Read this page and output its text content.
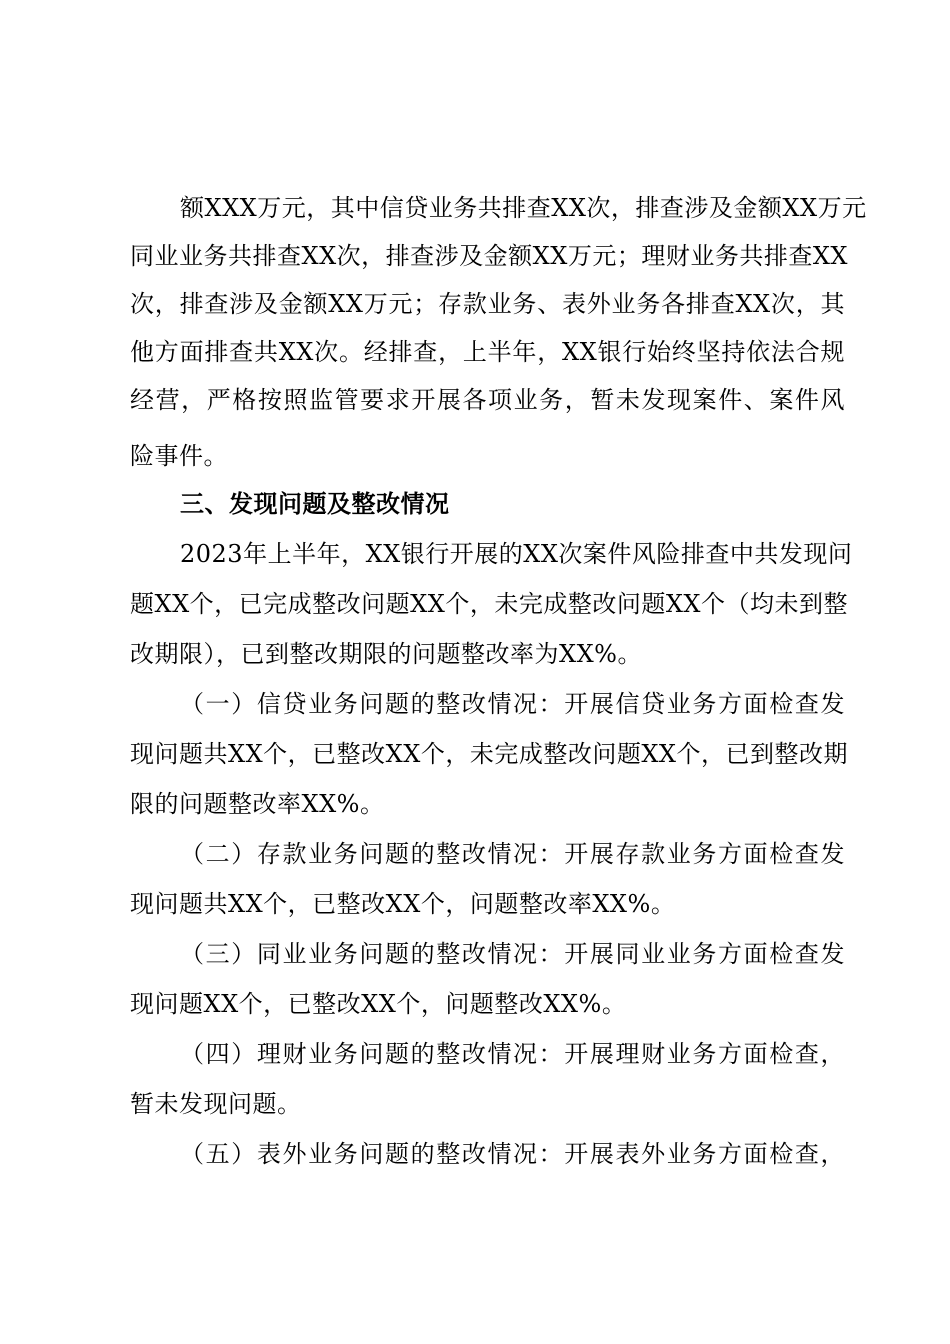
额XXX万元，其中信贷业务共排查XX次，排查涉及金额XX万元
同业业务共排查XX次，排查涉及金额XX万元；理财业务共排查XX
次，排查涉及金额XX万元；存款业务、表外业务各排查XX次，其
他方面排查共XX次。经排查，上半年，XX银行始终坚持依法合规
经营，严格按照监管要求开展各项业务，暂未发现案件、案件风
险事件。
三、发现问题及整改情况
2023年上半年，XX银行开展的XX次案件风险排查中共发现问
题XX个，已完成整改问题XX个，未完成整改问题XX个（均未到整
改期限），已到整改期限的问题整改率为XX%。
（一）信贷业务问题的整改情况：开展信贷业务方面检查发
现问题共XX个，已整改XX个，未完成整改问题XX个，已到整改期
限的问题整改率XX%。
（二）存款业务问题的整改情况：开展存款业务方面检查发
现问题共XX个，已整改XX个，问题整改率XX%。
（三）同业业务问题的整改情况：开展同业业务方面检查发
现问题XX个，已整改XX个，问题整改XX%。
（四）理财业务问题的整改情况：开展理财业务方面检查，
暂未发现问题。
（五）表外业务问题的整改情况：开展表外业务方面检查，
